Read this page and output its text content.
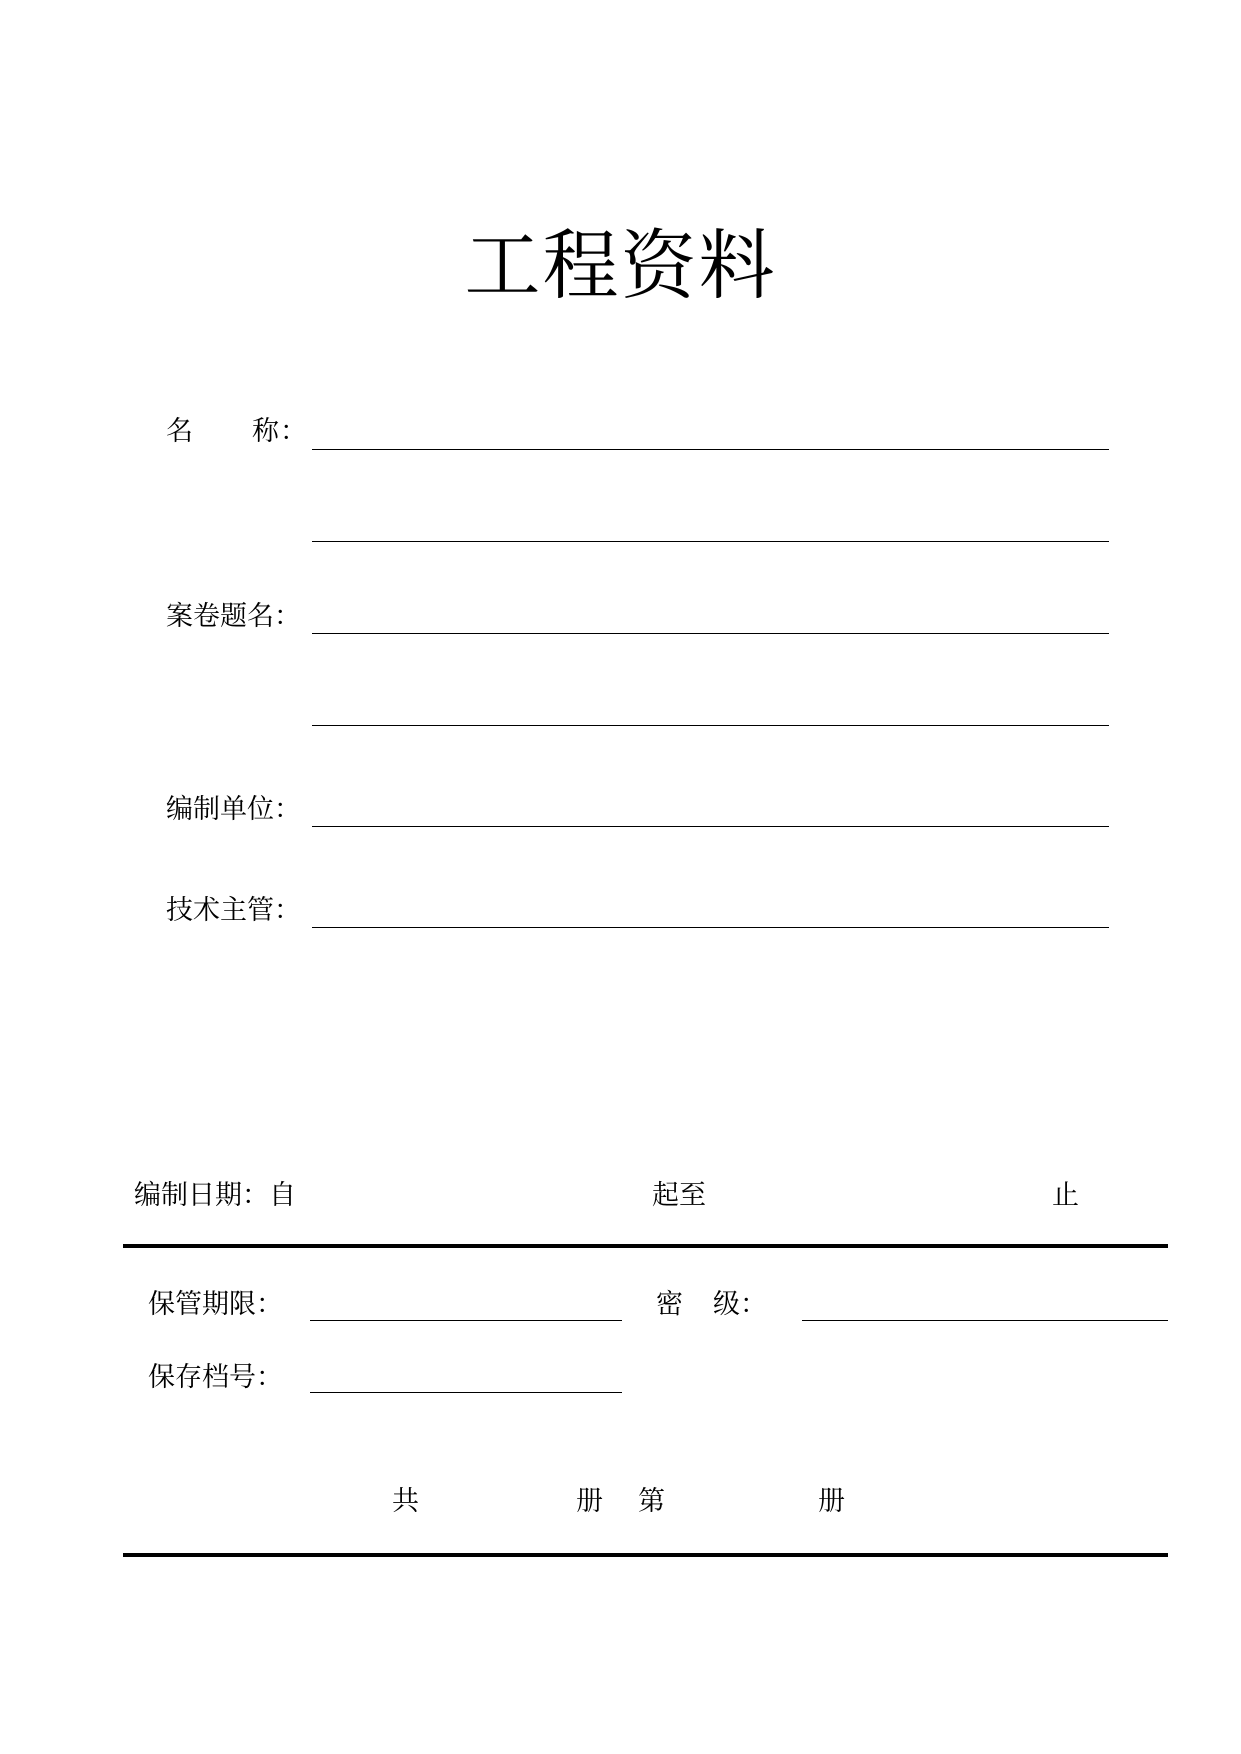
工程资料
名 称 ：
案卷题名：
编制单位：
技术主管：
编制日期：自	起至	止
保管期限：	密 级：
保存档号：
共	册 第	册
